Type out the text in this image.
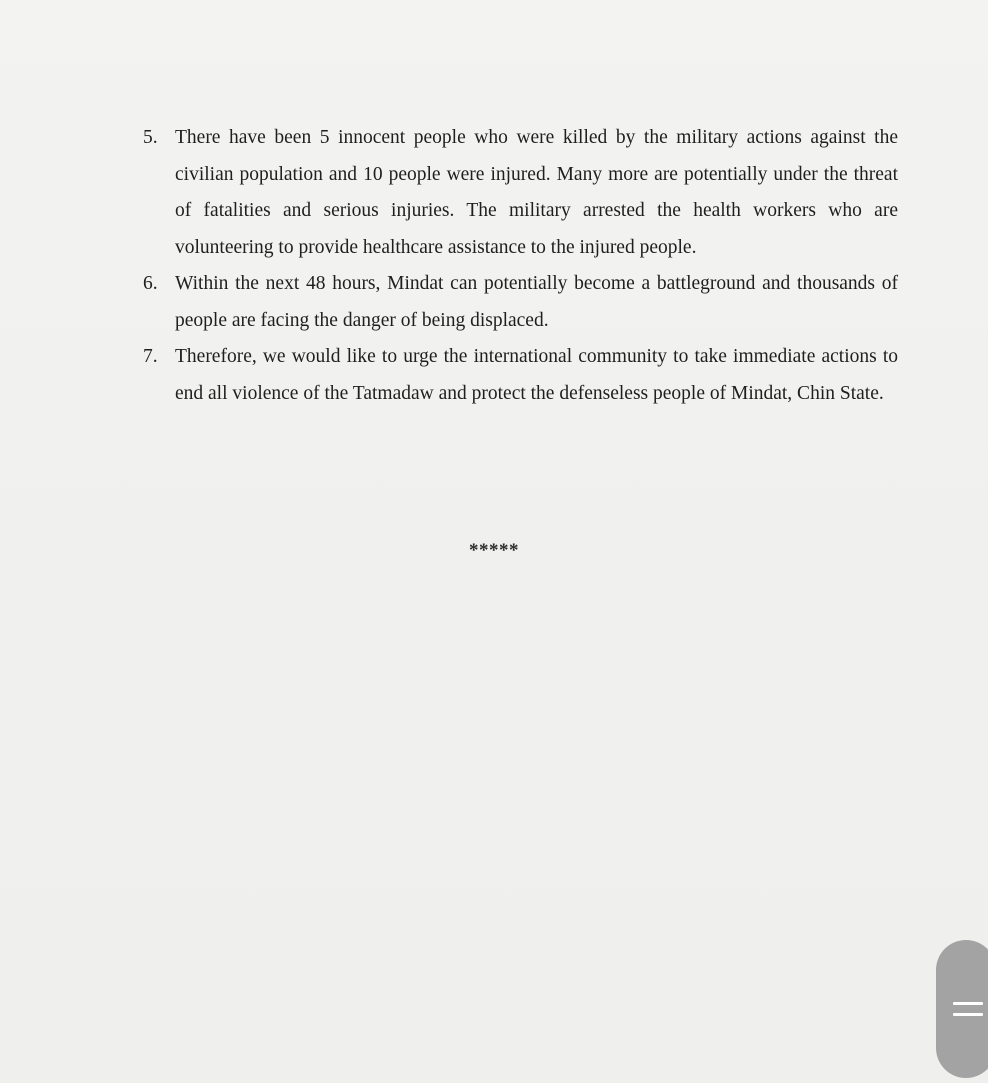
5. There have been 5 innocent people who were killed by the military actions against the civilian population and 10 people were injured. Many more are potentially under the threat of fatalities and serious injuries. The military arrested the health workers who are volunteering to provide healthcare assistance to the injured people.
6. Within the next 48 hours, Mindat can potentially become a battleground and thousands of people are facing the danger of being displaced.
7. Therefore, we would like to urge the international community to take immediate actions to end all violence of the Tatmadaw and protect the defenseless people of Mindat, Chin State.
*****
